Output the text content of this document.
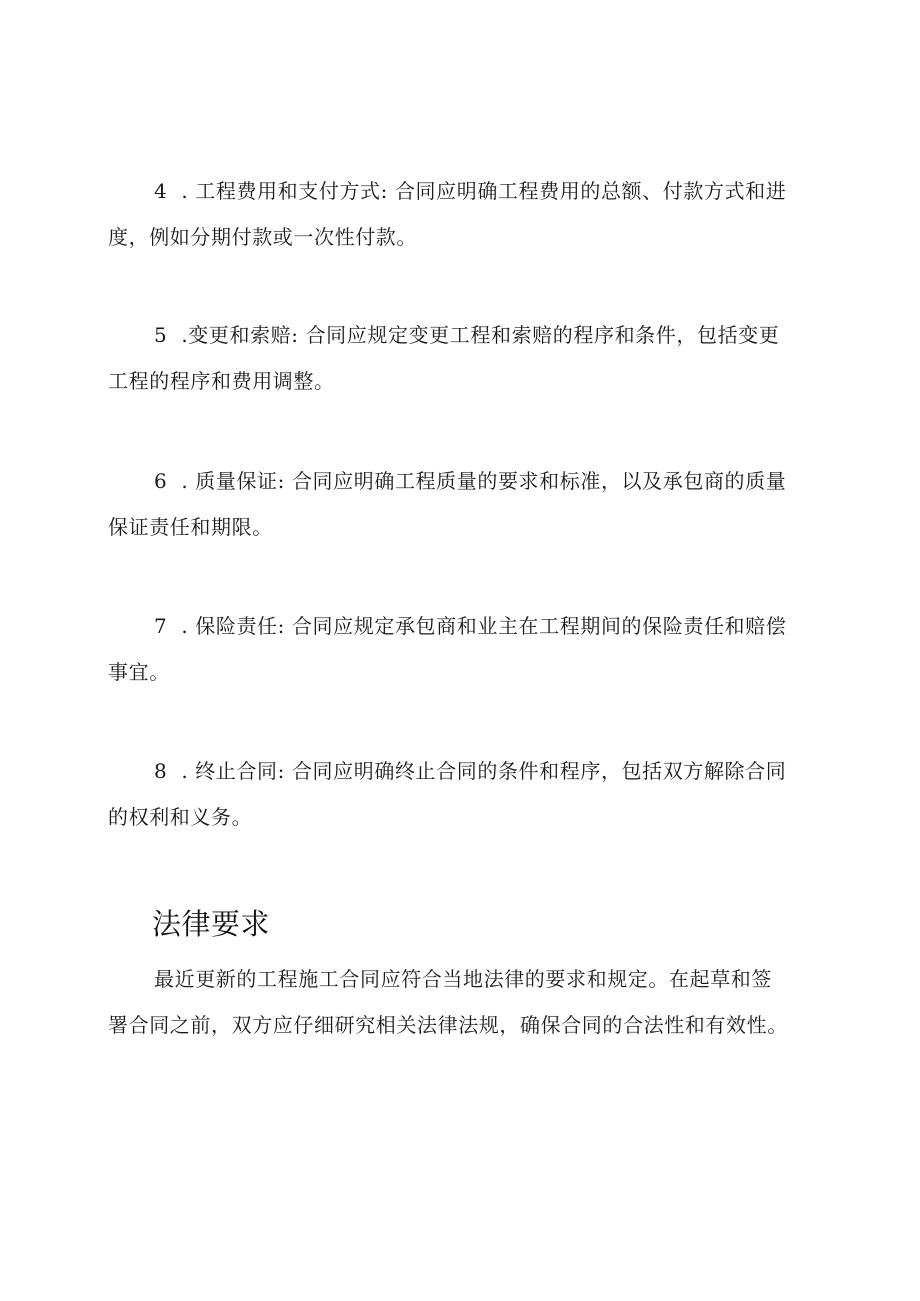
4 . 工程费用和支付方式: 合同应明确工程费用的总额、付款方式和进
度，例如分期付款或一次性付款。
5 .变更和索赔: 合同应规定变更工程和索赔的程序和条件，包括变更
工程的程序和费用调整。
6 . 质量保证: 合同应明确工程质量的要求和标准，以及承包商的质量
保证责任和期限。
7 . 保险责任: 合同应规定承包商和业主在工程期间的保险责任和赔偿
事宜。
8 . 终止合同: 合同应明确终止合同的条件和程序，包括双方解除合同
的权利和义务。
法律要求
最近更新的工程施工合同应符合当地法律的要求和规定。在起草和签
署合同之前，双方应仔细研究相关法律法规，确保合同的合法性和有效性。
